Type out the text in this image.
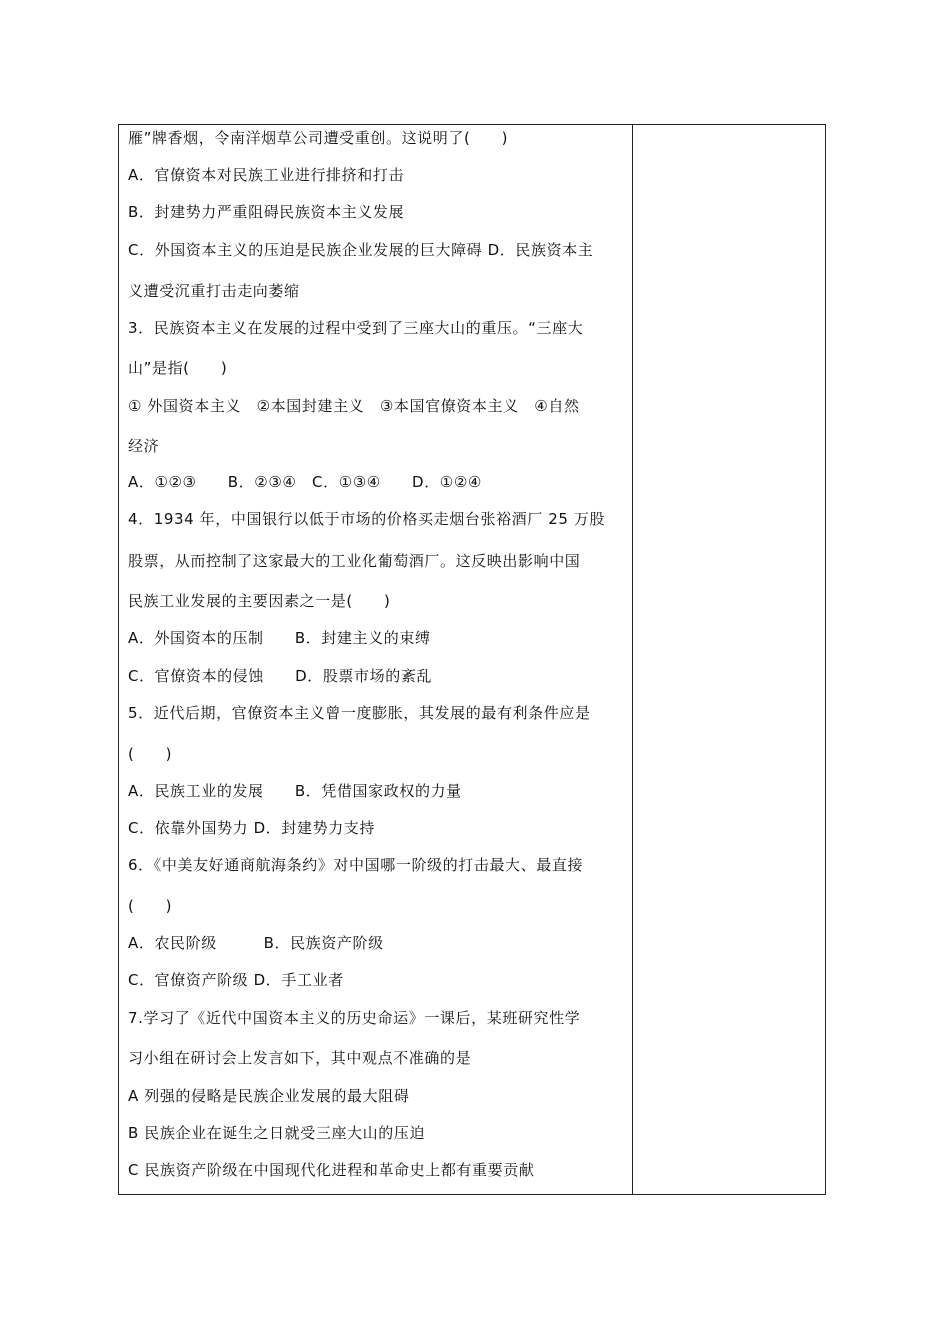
雁”牌香烟，令南洋烟草公司遭受重创。这说明了(　　)
A．官僚资本对民族工业进行排挤和打击
B．封建势力严重阻碍民族资本主义发展
C．外国资本主义的压迫是民族企业发展的巨大障碍 D．民族资本主
义遭受沉重打击走向萎缩
3．民族资本主义在发展的过程中受到了三座大山的重压。“三座大
山”是指(　　)
① 外国资本主义　②本国封建主义　③本国官僚资本主义　④自然
经济
A．①②③　　B．②③④　C．①③④　　D．①②④
4．1934 年，中国银行以低于市场的价格买走烟台张裕酒厂 25 万股
股票，从而控制了这家最大的工业化葡萄酒厂。这反映出影响中国
民族工业发展的主要因素之一是(　　)
A．外国资本的压制　　B．封建主义的束缚
C．官僚资本的侵蚀　　D．股票市场的紊乱
5．近代后期，官僚资本主义曾一度膨胀，其发展的最有利条件应是
(　　)
A．民族工业的发展　　B．凭借国家政权的力量
C．依靠外国势力 D．封建势力支持
6．《中美友好通商航海条约》对中国哪一阶级的打击最大、最直接
(　　)
A．农民阶级　　　B．民族资产阶级
C．官僚资产阶级 D．手工业者
7.学习了《近代中国资本主义的历史命运》一课后，某班研究性学
习小组在研讨会上发言如下，其中观点不准确的是
A 列强的侵略是民族企业发展的最大阻碍
B 民族企业在诞生之日就受三座大山的压迫
C 民族资产阶级在中国现代化进程和革命史上都有重要贡献
